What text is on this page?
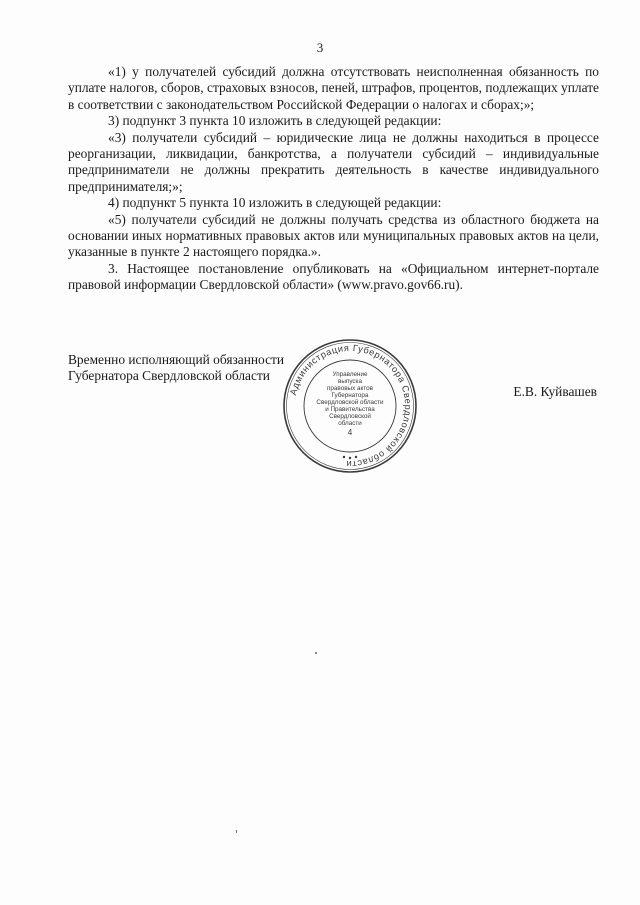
3

«1) у получателей субсидий должна отсутствовать неисполненная обязанность по уплате налогов, сборов, страховых взносов, пеней, штрафов, процентов, подлежащих уплате в соответствии с законодательством Российской Федерации о налогах и сборах;»;

3) подпункт 3 пункта 10 изложить в следующей редакции:

«3) получатели субсидий – юридические лица не должны находиться в процессе реорганизации, ликвидации, банкротства, а получатели субсидий – индивидуальные предприниматели не должны прекратить деятельность в качестве индивидуального предпринимателя;»;

4) подпункт 5 пункта 10 изложить в следующей редакции:

«5) получатели субсидий не должны получать средства из областного бюджета на основании иных нормативных правовых актов или муниципальных правовых актов на цели, указанные в пункте 2 настоящего порядка.».

3. Настоящее постановление опубликовать на «Официальном интернет-портале правовой информации Свердловской области» (www.pravo.gov66.ru).

Временно исполняющий обязанности
Губернатора Свердловской области
Е.В. Куйвашев
Администрация Губернатора Свердловской области
Управление
выпуска
правовых актов
Губернатора
Свердловской области
и Правительства
Свердловской
области
4
